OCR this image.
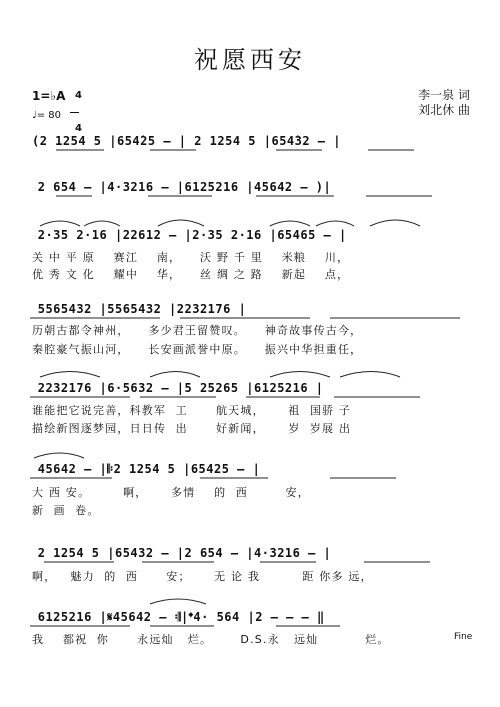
祝愿西安
1=♭A 4

4

♩= 80
李一泉 词
刘北休 曲
(2 1254 5 |654̇25 – | 2 1254 5 |654̇32 – |
2 654 – |4·3216 – |6125216 |45642 – )|
2·35 2·16 |22612 – |2·35 2·16 |65465 – |
关 中 平 原    赛江    南，    沃 野 千 里    米粮    川，
优 秀 文 化    耀中    华，    丝 绸 之 路    新起    点，
5565432 |5565432 |2232176 |
历朝古都令神州，    多少君王留赞叹。    神奇故事传古今，
秦腔豪气振山河，    长安画派誉中原。    振兴中华担重任，
2232176 |6·5632 – |5 25265 |6125216 |
谁能把它说完善，科教军  工      航天城，     祖  国骄 子
描绘新图逐梦园，日日传  出      好新闻，     岁  岁展 出
45642 – |𝄆2 1254 5 |65425 – |
大 西 安。       啊，     多情    的  西        安，
新  画  卷。
2 1254 5 |65432 – |2 654 – |4·3216 – |
啊，   魅力  的  西      安；     无 论 我         距 你多 远，
6125216 |𝄋45642 – 𝄇|𝄌4· 564 |2 – – – ‖
我    都祝  你      永远灿   烂。      D.S.永   远灿          烂。	Fine
